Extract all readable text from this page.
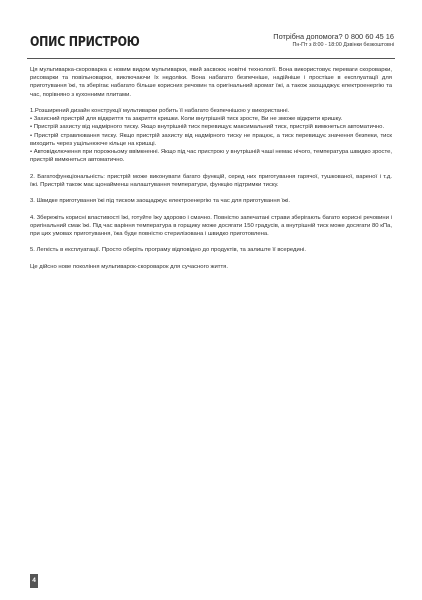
ОПИС ПРИСТРОЮ	Потрібна допомога? 0 800 60 45 16
Пн-Пт з 8:00 - 18:00 Дзвінки безкоштовні

Ця мультиварка-скороварка є новим видом мультиварки, який засвоює новітні технології. Вона використовує переваги скороварки, рисоварки та повільноварки, виключаючи їх недоліки. Вона набагато безпечніше, надійніше і простіше в експлуатації для приготування їжі, та зберігає набагато більше корисних речовин та оригінальний аромат їжі, а також заощаджує електроенергію та час, порівняно з кухонними плитами.

1.Розширений дизайн конструкції мультиварки робить її набагато безпечнішою у використанні.
• Захисний пристрій для відкриття та закриття кришки. Коли внутрішній тиск зросте, Ви не зможе відкрити кришку.
• Пристрій захисту від надмірного тиску. Якщо внутрішній тиск перевищує максимальний тиск, пристрій вимкнеться автоматично.
• Пристрій стравлювання тиску. Якщо пристрій захисту від надмірного тиску не працює, а тиск перевищує значення безпеки, тиск виходить через ущільнююче кільце на кришці.
• Автовідключення при порожньому ввімкненні. Якщо під час пристрою у внутрішній чаші немає нічого, температура швидко зросте, пристрій вимкнеться автоматично.

2. Багатофункціональність: пристрій може виконувати багато функцій, серед них приготування гарячої, тушкованої, вареної і т.д. їжі. Пристрій також має щонайменш налаштування температури, функцію підтримки тиску.

3. Швидке приготування їжі під тиском заощаджує електроенергію та час для приготування їжі.

4. Збережіть корисні властивості їжі, готуйте їжу здорово і смачно. Повністю запечатані страви зберігають багато корисні речовини і оригінальний смак їжі. Під час варіння температура в горщику може досягати 150 градусів, а внутрішній тиск може досягати 80 кПа, при цих умовах приготування, їжа буде повністю стерилізована і швидко приготовлена.

5. Легкість в експлуатації. Просто оберіть програму відповідно до продуктів, та залиште її всередині.

Це дійсно нове покоління мультиварок-скороварок для сучасного життя.

4
